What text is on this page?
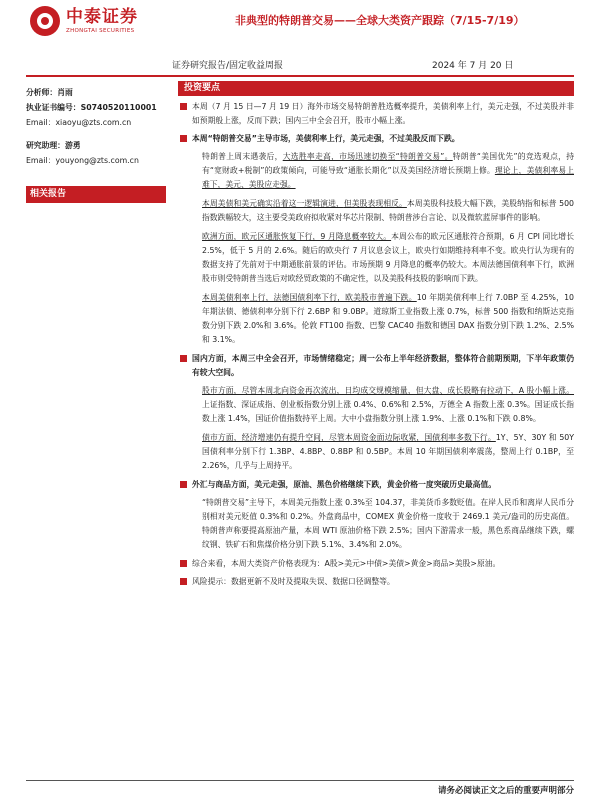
中泰证券
ZHONGTAI SECURITIES
非典型的特朗普交易——全球大类资产跟踪（7/15-7/19）
证券研究报告/固定收益周报	2024 年 7 月 20 日
分析师：肖雨
执业证书编号：S0740520110001
Email：xiaoyu@zts.com.cn
研究助理：游勇
Email：youyong@zts.com.cn
相关报告
投资要点
本周（7 月 15 日—7 月 19 日）海外市场交易特朗普胜选概率提升，美债利率上行，美元走强，不过美股并非如预期般上涨，反而下跌；国内三中全会召开，股市小幅上涨。
本周“特朗普交易”主导市场，美债利率上行，美元走强，不过美股反而下跌。
特朗普上周末遇袭后，大选胜率走高，市场迅速切换至“特朗普交易”。特朗普“美国优先”的竞选观点，持有“宽财政+税制”的政策倾向，可能导致“通胀长期化”以及美国经济增长预期上修。理论上，美债利率易上难下，美元、美股应走强。
本周美债和美元确实沿着这一逻辑演进，但美股表现相反。本周美股科技股大幅下跌，美股纳指和标普 500 指数跌幅较大，这主要受美政府拟收紧对华芯片限制、特朗普涉台言论、以及微软蓝屏事件的影响。
欧洲方面，欧元区通胀恢复下行，9 月降息概率较大。本周公布的欧元区通胀符合预期，6 月 CPI 同比增长 2.5%，低于 5 月的 2.6%。随后的欧央行 7 月议息会议上，欧央行如期维持利率不变。欧央行认为现有的数据支持了先前对于中期通胀前景的评估。市场预期 9 月降息的概率仍较大。本周法德国债利率下行，欧洲股市则受特朗普当选后对欧经贸政策的不确定性，以及美股科技股的影响而下跌。
本周美债利率上行，法德国债利率下行，欧美股市普遍下跌。10 年期美债利率上行 7.0BP 至 4.25%，10 年期法债、德债利率分别下行 2.6BP 和 9.0BP。道琼斯工业指数上涨 0.7%，标普 500 指数和纳斯达克指数分别下跌 2.0%和 3.6%。伦敦 FT100 指数、巴黎 CAC40 指数和德国 DAX 指数分别下跌 1.2%、2.5%和 3.1%。
国内方面，本周三中全会召开，市场情绪稳定；周一公布上半年经济数据，整体符合前期预期，下半年政策仍有较大空间。
股市方面，尽管本周北向资金再次流出，日均成交规模缩量，但大盘、成长股略有拉动下，A 股小幅上涨。上证指数、深证成指、创业板指数分别上涨 0.4%、0.6%和 2.5%，万德全 A 指数上涨 0.3%。国证成长指数上涨 1.4%，国证价值指数持平上周。大中小盘指数分别上涨 1.9%、上涨 0.1%和下跌 0.8%。
债市方面，经济增速仍有提升空间，尽管本周资金面边际收紧，国债利率多数下行。1Y、5Y、30Y 和 50Y 国债利率分别下行 1.3BP、4.8BP、0.8BP 和 0.5BP。本周 10 年期国债利率震荡，整周上行 0.1BP，至 2.26%，几乎与上周持平。
外汇与商品方面，美元走强，原油、黑色价格继续下跌，黄金价格一度突破历史最高值。
“特朗普交易”主导下，本周美元指数上涨 0.3%至 104.37，非美货币多数贬值。在岸人民币和离岸人民币分别相对美元贬值 0.3%和 0.2%。外盘商品中，COMEX 黄金价格一度收于 2469.1 美元/盎司的历史高值。特朗普声称要提高原油产量，本周 WTI 原油价格下跌 2.5%；国内下游需求一般，黑色系商品继续下跌，螺纹钢、铁矿石和焦煤价格分别下跌 5.1%、3.4%和 2.0%。
综合来看，本周大类资产价格表现为：A股>美元>中债>美债>黄金>商品>美股>原油。
风险提示：数据更新不及时及提取失误、数据口径调整等。
请务必阅读正文之后的重要声明部分
